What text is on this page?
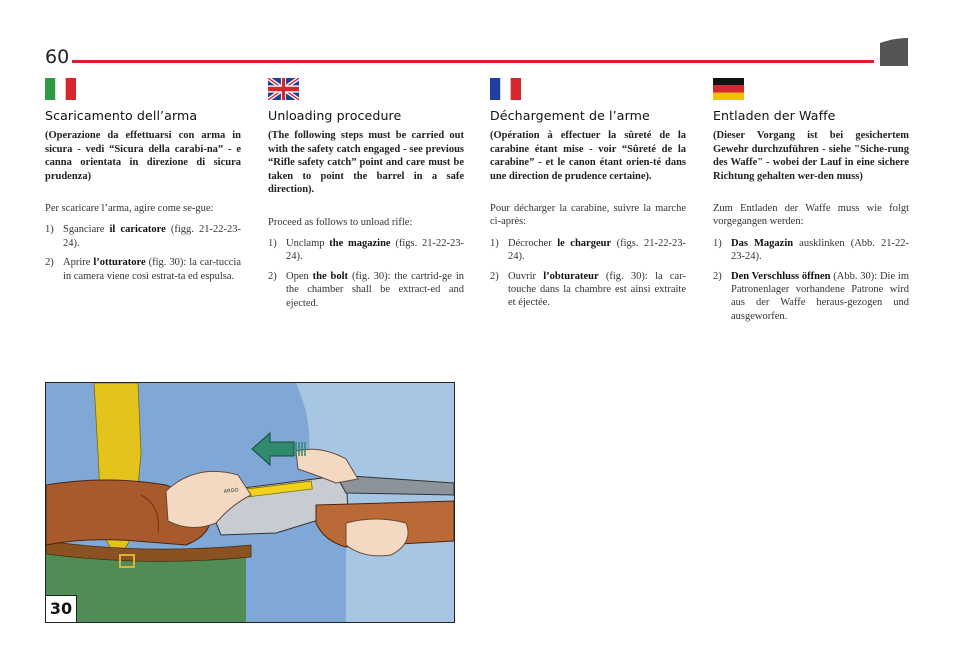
60
Scaricamento dell’arma
(Operazione da effettuarsi con arma in sicura - vedi “Sicura della carabi-na” - e canna orientata in direzione di sicura prudenza)
Per scaricare l’arma, agire come se-gue:
1) Sganciare il caricatore (figg. 21-22-23-24).
2) Aprire l’otturatore (fig. 30): la car-tuccia in camera viene così estrat-ta ed espulsa.
Unloading procedure
(The following steps must be carried out with the safety catch engaged - see previous “Rifle safety catch” point and care must be taken to point the barrel in a safe direction).
Proceed as follows to unload rifle:
1) Unclamp the magazine (figs. 21-22-23-24).
2) Open the bolt (fig. 30): the cartrid-ge in the chamber shall be extract-ed and ejected.
Déchargement de l’arme
(Opération à effectuer la sûreté de la carabine étant mise - voir “Sûreté de la carabine” - et le canon étant orien-té dans une direction de prudence certaine).
Pour décharger la carabine, suivre la marche ci-après:
1) Décrocher le chargeur (figs. 21-22-23-24).
2) Ouvrir l’obturateur (fig. 30): la car-touche dans la chambre est ainsi extraite et éjectée.
Entladen der Waffe
(Dieser Vorgang ist bei gesichertem Gewehr durchzuführen - siehe "Siche-rung des Waffe" - wobei der Lauf in eine sichere Richtung gehalten wer-den muss)
Zum Entladen der Waffe muss wie folgt vorgegangen werden:
1) Das Magazin ausklinken (Abb. 21-22-23-24).
2) Den Verschluss öffnen (Abb. 30): Die im Patronenlager vorhandene Patrone wird aus der Waffe heraus-gezogen und ausgeworfen.
ARGO
30
